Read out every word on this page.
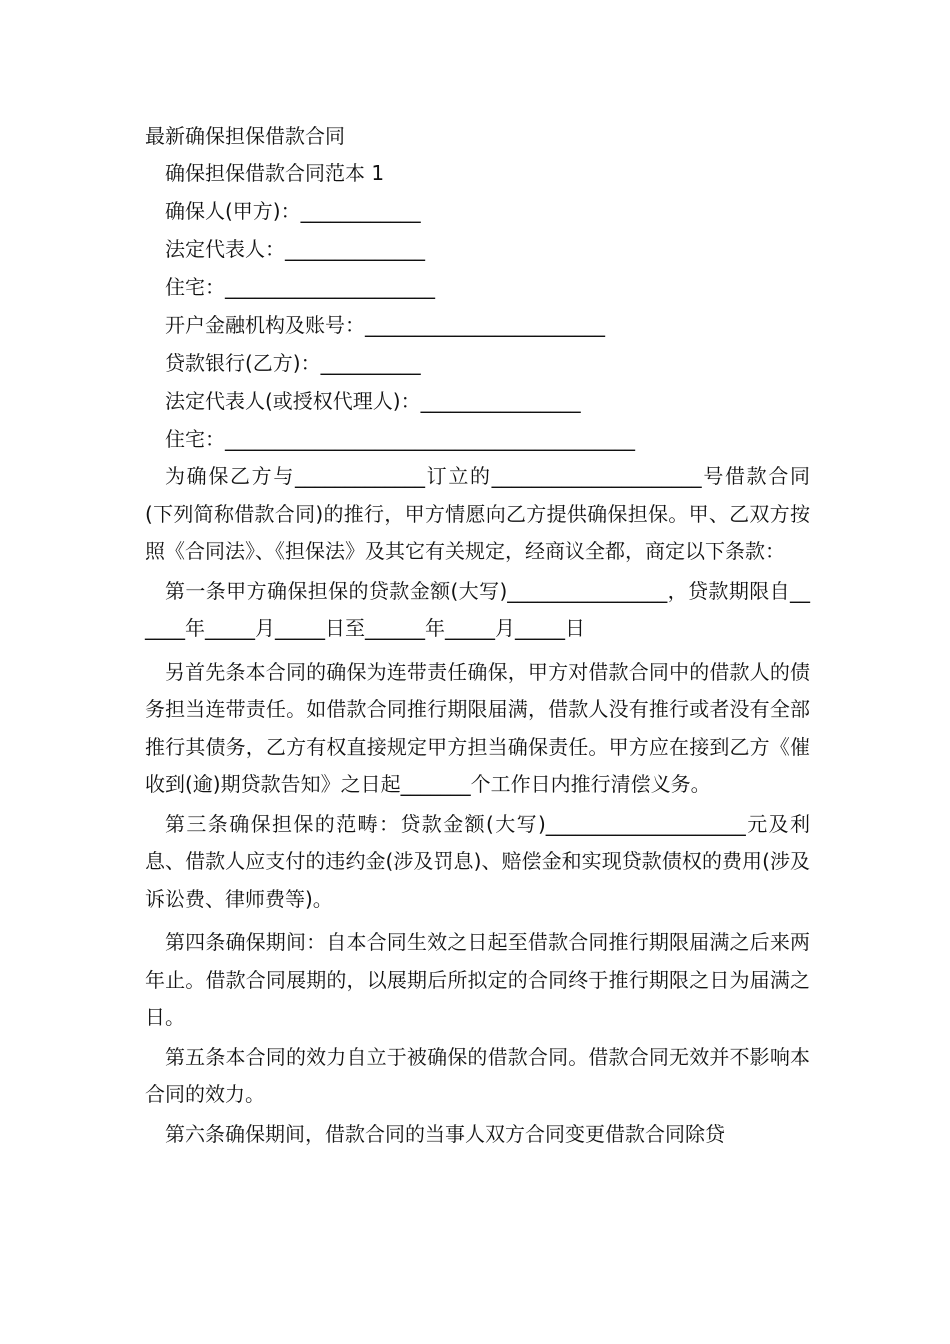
最新确保担保借款合同
确保担保借款合同范本 1
确保人(甲方)：____________
法定代表人：______________
住宅：_____________________
开户金融机构及账号：________________________
贷款银行(乙方)：__________
法定代表人(或授权代理人)：________________
住宅：_________________________________________

为确保乙方与_____________订立的_____________________号借款合同(下列简称借款合同)的推行，甲方情愿向乙方提供确保担保。甲、乙双方按照《合同法》、《担保法》及其它有关规定，经商议全都，商定以下条款：

第一条甲方确保担保的贷款金额(大写)________________，贷款期限自______年_____月_____日至______年_____月_____日

另首先条本合同的确保为连带责任确保，甲方对借款合同中的借款人的债务担当连带责任。如借款合同推行期限届满，借款人没有推行或者没有全部推行其债务，乙方有权直接规定甲方担当确保责任。甲方应在接到乙方《催收到(逾)期贷款告知》之日起_______个工作日内推行清偿义务。

第三条确保担保的范畴：贷款金额(大写)____________________元及利息、借款人应支付的违约金(涉及罚息)、赔偿金和实现贷款债权的费用(涉及诉讼费、律师费等)。

第四条确保期间：自本合同生效之日起至借款合同推行期限届满之后来两年止。借款合同展期的，以展期后所拟定的合同终于推行期限之日为届满之日。

第五条本合同的效力自立于被确保的借款合同。借款合同无效并不影响本合同的效力。

第六条确保期间，借款合同的当事人双方合同变更借款合同除贷
